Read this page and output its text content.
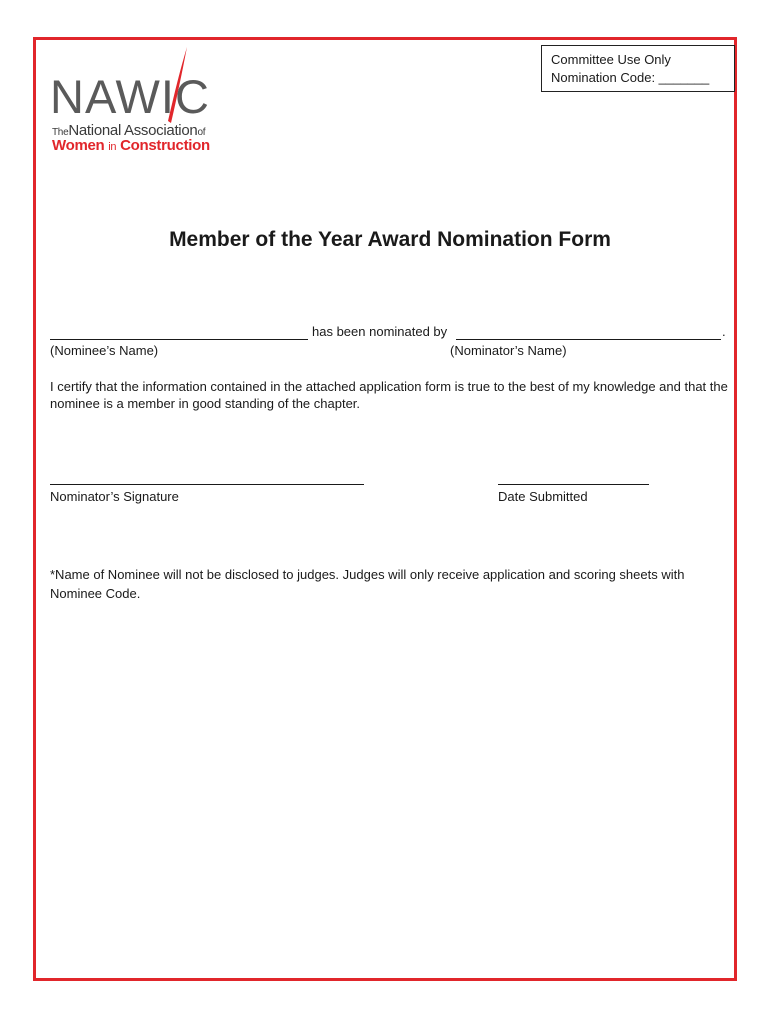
NAWIC
TheNational Associationof
Women in Construction
Committee Use Only
Nomination Code: _______
Member of the Year Award Nomination Form
has been nominated by	.
(Nominee’s Name)	(Nominator’s Name)
I certify that the information contained in the attached application form is true to the best of my knowledge and that the nominee is a member in good standing of the chapter.
Nominator’s Signature	Date Submitted
*Name of Nominee will not be disclosed to judges. Judges will only receive application and scoring sheets with Nominee Code.
